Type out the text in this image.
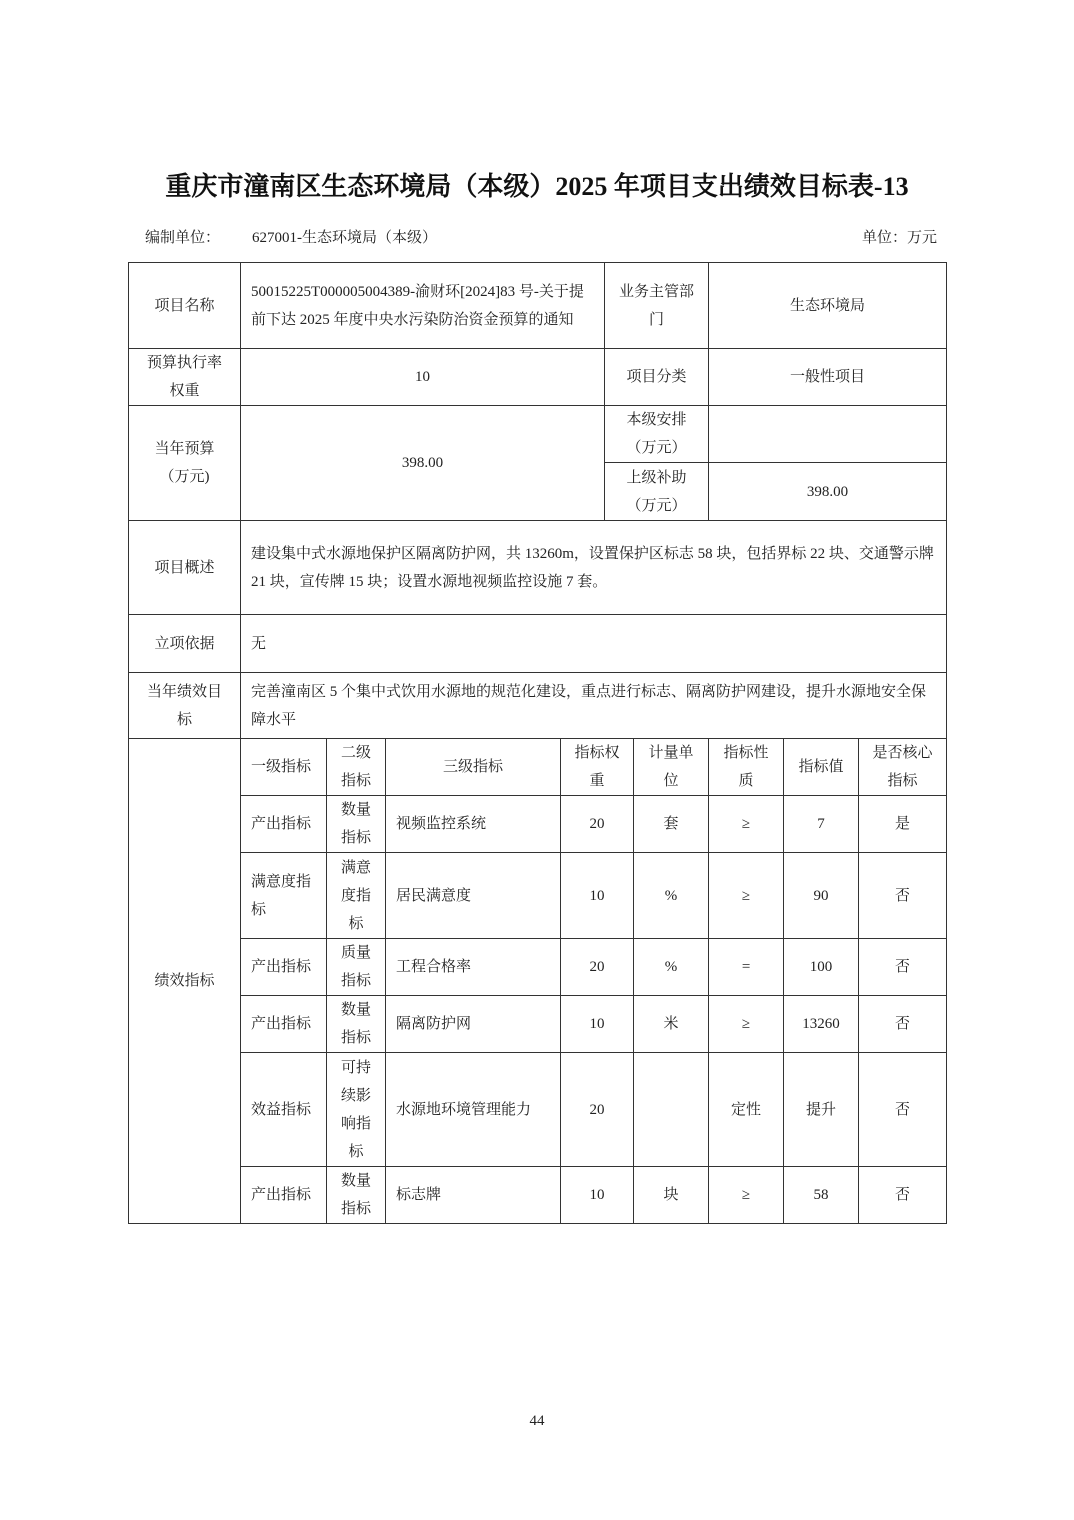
重庆市潼南区生态环境局（本级）2025 年项目支出绩效目标表-13
编制单位： 627001-生态环境局（本级）	单位：万元
项目名称	50015225T000005004389-渝财环[2024]83 号-关于提前下达 2025 年度中央水污染防治资金预算的通知				业务主管部门		生态环境局		
预算执行率权重	10				项目分类		一般性项目		
当年预算（万元)	398.00				本级安排（万元）				
					上级补助（万元）		398.00		
项目概述	建设集中式水源地保护区隔离防护网，共 13260m，设置保护区标志 58 块，包括界标 22 块、交通警示牌 21 块，宣传牌 15 块；设置水源地视频监控设施 7 套。								
立项依据	无								
当年绩效目标	完善潼南区 5 个集中式饮用水源地的规范化建设，重点进行标志、隔离防护网建设，提升水源地安全保障水平								
绩效指标	一级指标	二级指标	三级指标	指标权重		计量单位	指标性质	指标值	是否核心指标
	产出指标	数量指标	视频监控系统	20		套	≥	7	是
	满意度指标	满意度指标	居民满意度	10		%	≥	90	否
	产出指标	质量指标	工程合格率	20		%	=	100	否
	产出指标	数量指标	隔离防护网	10		米	≥	13260	否
	效益指标	可持续影响指标	水源地环境管理能力	20			定性	提升	否
	产出指标	数量指标	标志牌	10		块	≥	58	否
44
